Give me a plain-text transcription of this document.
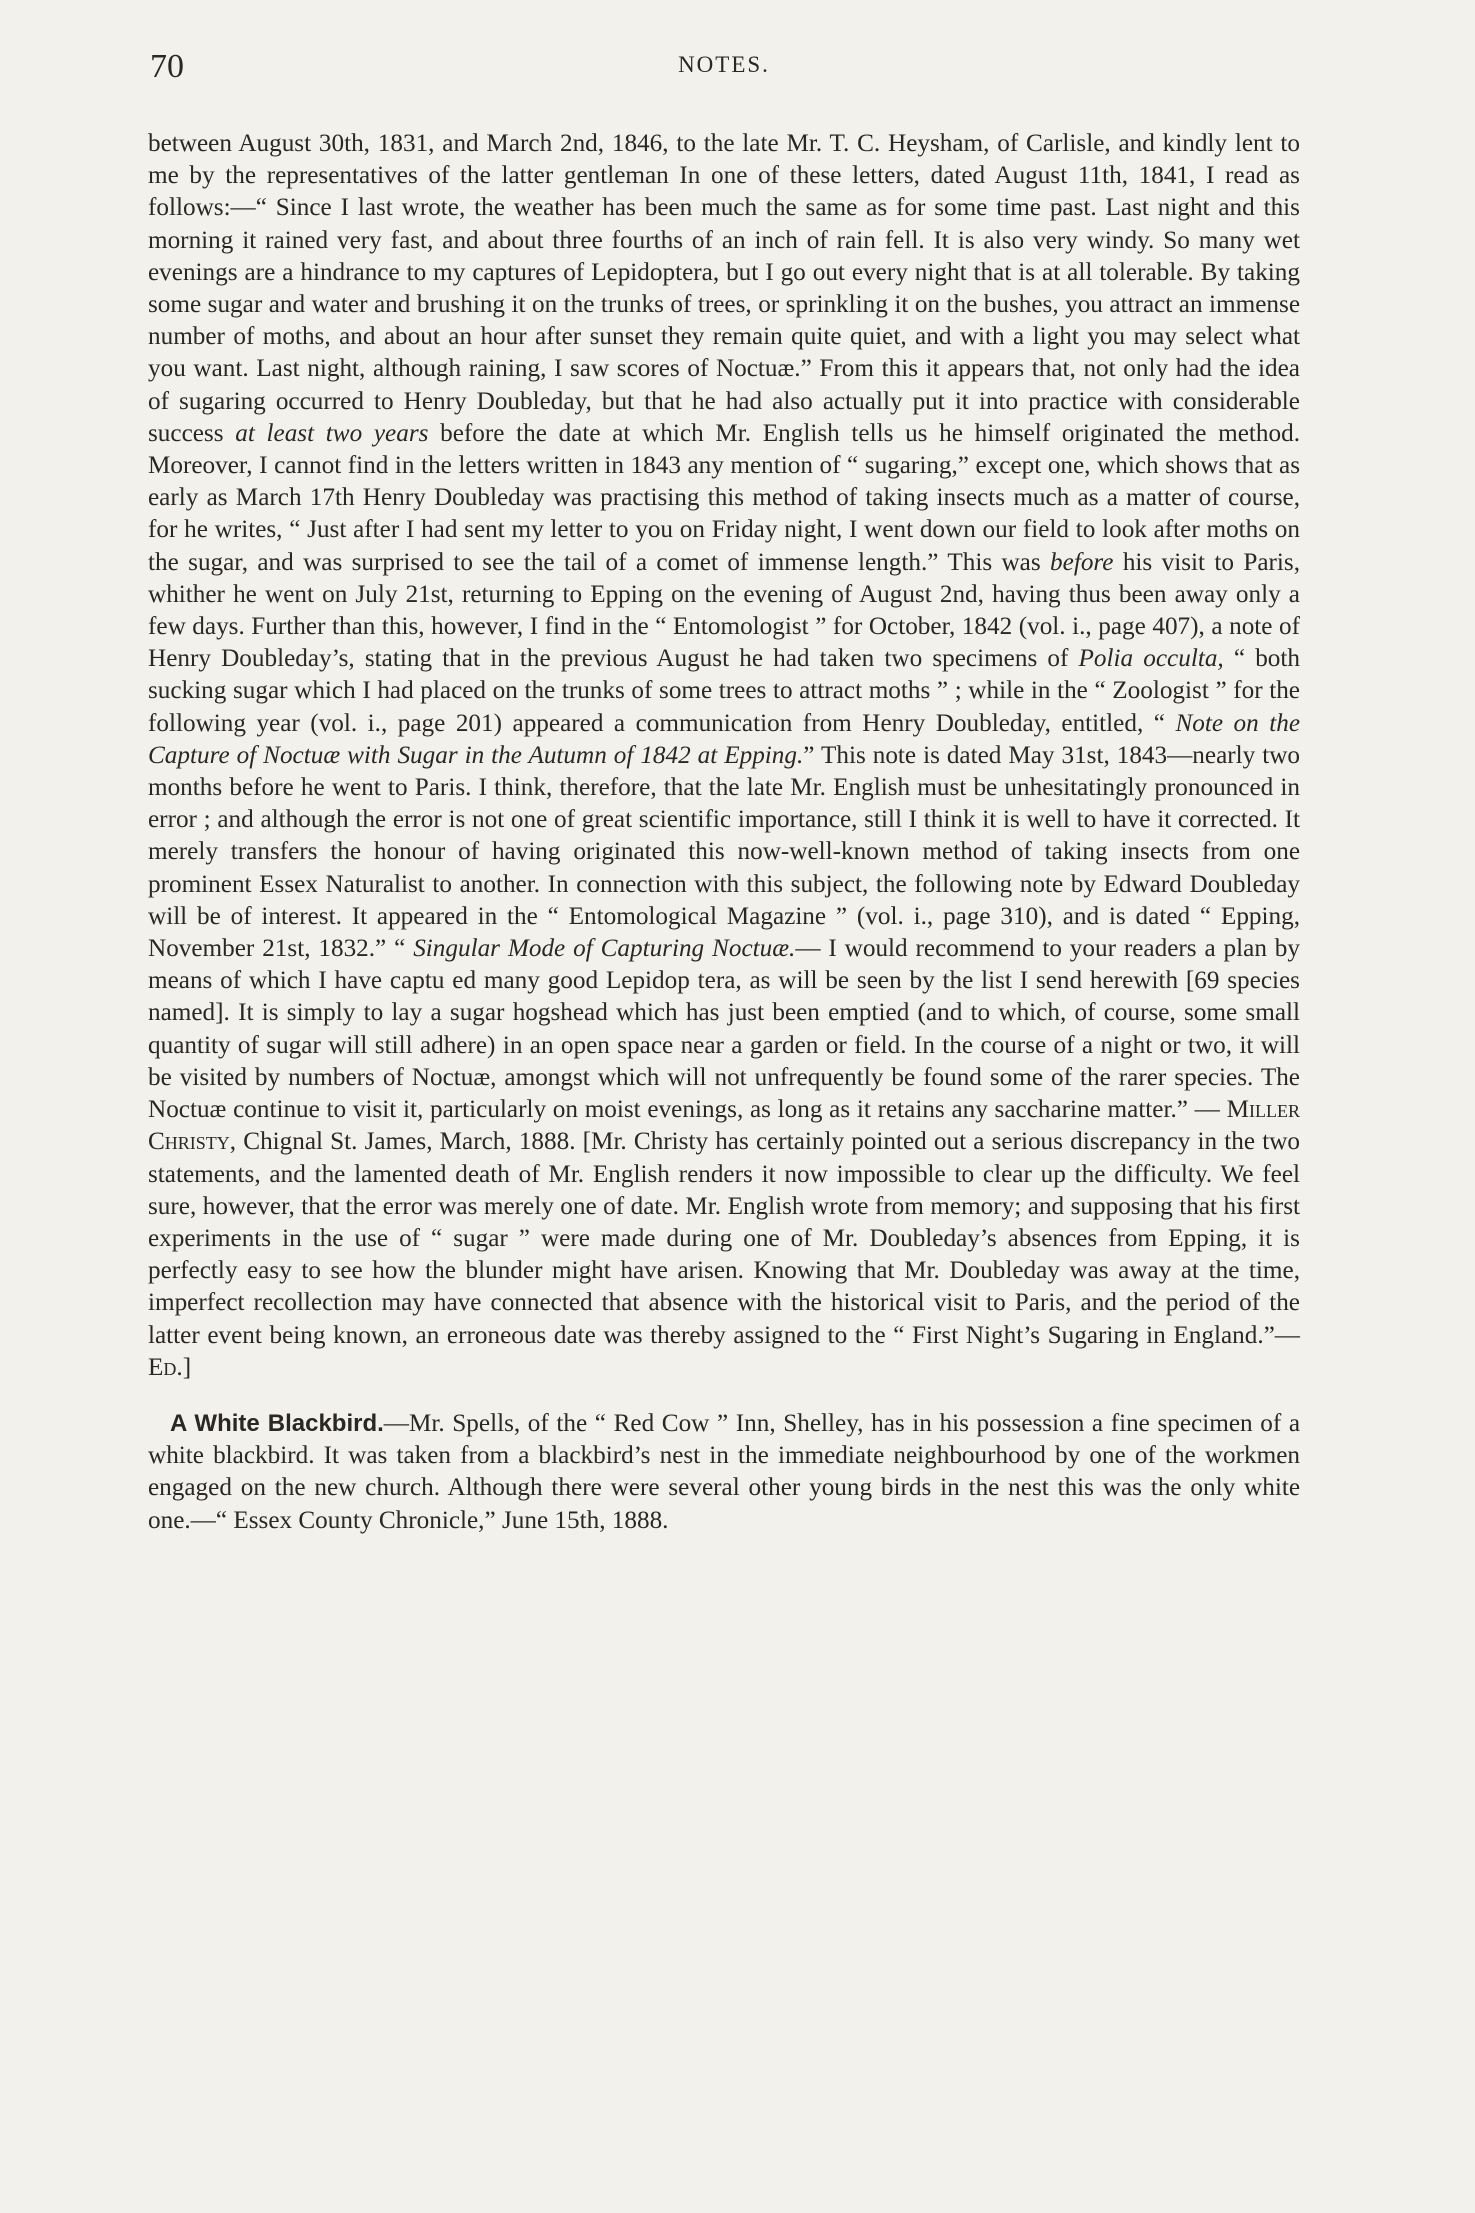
70	NOTES.

between August 30th, 1831, and March 2nd, 1846, to the late Mr. T. C. Heysham, of Carlisle, and kindly lent to me by the representatives of the latter gentleman In one of these letters, dated August 11th, 1841, I read as follows:—“ Since I last wrote, the weather has been much the same as for some time past. Last night and this morning it rained very fast, and about three fourths of an inch of rain fell. It is also very windy. So many wet evenings are a hindrance to my captures of Lepidoptera, but I go out every night that is at all tolerable. By taking some sugar and water and brushing it on the trunks of trees, or sprinkling it on the bushes, you attract an immense number of moths, and about an hour after sunset they remain quite quiet, and with a light you may select what you want. Last night, although raining, I saw scores of Noctuæ.” From this it appears that, not only had the idea of sugaring occurred to Henry Doubleday, but that he had also actually put it into practice with considerable success at least two years before the date at which Mr. English tells us he himself originated the method. Moreover, I cannot find in the letters written in 1843 any mention of “ sugaring,” except one, which shows that as early as March 17th Henry Doubleday was practising this method of taking insects much as a matter of course, for he writes, “ Just after I had sent my letter to you on Friday night, I went down our field to look after moths on the sugar, and was surprised to see the tail of a comet of immense length.” This was before his visit to Paris, whither he went on July 21st, returning to Epping on the evening of August 2nd, having thus been away only a few days. Further than this, however, I find in the “ Entomologist ” for October, 1842 (vol. i., page 407), a note of Henry Doubleday’s, stating that in the previous August he had taken two specimens of Polia occulta, “ both sucking sugar which I had placed on the trunks of some trees to attract moths ” ; while in the “ Zoologist ” for the following year (vol. i., page 201) appeared a communication from Henry Doubleday, entitled, “ Note on the Capture of Noctuæ with Sugar in the Autumn of 1842 at Epping.” This note is dated May 31st, 1843—nearly two months before he went to Paris. I think, therefore, that the late Mr. English must be unhesitatingly pronounced in error ; and although the error is not one of great scientific importance, still I think it is well to have it corrected. It merely transfers the honour of having originated this now-well-known method of taking insects from one prominent Essex Naturalist to another. In connection with this subject, the following note by Edward Doubleday will be of interest. It appeared in the “ Entomological Magazine ” (vol. i., page 310), and is dated “ Epping, November 21st, 1832.” “ Singular Mode of Capturing Noctuæ.— I would recommend to your readers a plan by means of which I have captu ed many good Lepidop tera, as will be seen by the list I send herewith [69 species named]. It is simply to lay a sugar hogshead which has just been emptied (and to which, of course, some small quantity of sugar will still adhere) in an open space near a garden or field. In the course of a night or two, it will be visited by numbers of Noctuæ, amongst which will not unfrequently be found some of the rarer species. The Noctuæ continue to visit it, particularly on moist evenings, as long as it retains any saccharine matter.” — Miller Christy, Chignal St. James, March, 1888. [Mr. Christy has certainly pointed out a serious discrepancy in the two statements, and the lamented death of Mr. English renders it now impossible to clear up the difficulty. We feel sure, however, that the error was merely one of date. Mr. English wrote from memory; and supposing that his first experiments in the use of “ sugar ” were made during one of Mr. Doubleday’s absences from Epping, it is perfectly easy to see how the blunder might have arisen. Knowing that Mr. Doubleday was away at the time, imperfect recollection may have connected that absence with the historical visit to Paris, and the period of the latter event being known, an erroneous date was thereby assigned to the “ First Night’s Sugaring in England.”—Ed.]

A White Blackbird.—Mr. Spells, of the “ Red Cow ” Inn, Shelley, has in his possession a fine specimen of a white blackbird. It was taken from a blackbird’s nest in the immediate neighbourhood by one of the workmen engaged on the new church. Although there were several other young birds in the nest this was the only white one.—“ Essex County Chronicle,” June 15th, 1888.
